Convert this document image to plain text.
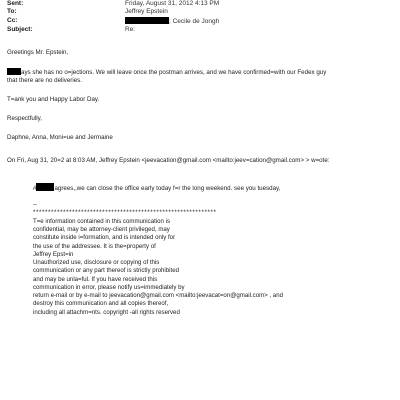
Sent:	Friday, August 31, 2012 4:13 PM
To:	Jeffrey Epstein
Cc:	; Cecile de Jongh
Subject:	Re:
Greetings Mr. Epstein,
ays she has no o=jections. We will leave once the postman arrives, and we have confirmed=with our Fedex guy
that there are no deliveries.
T=ank you and Happy Labor Day.
Respectfully,
Daphne, Anna, Moni=ue and Jermaine
On Fri, Aug 31, 20=2 at 8:03 AM, Jeffrey Epstein <jeevacation@gmail.com <mailto:jeev=cation@gmail.com> > w=ote:
#	agrees,,we can close the office early today f=r the long weekend. see you tuesday,
--
*************************************************************
T=e information contained in this communication is
confidential, may be attorney-client privileged, may
constitute inside i=formation, and is intended only for
the use of the addressee. It is the=property of
Jeffrey Epst=in
Unauthorized use, disclosure or copying of this
communication or any part thereof is strictly prohibited
and may be unla=ful. If you have received this
communication in error, please notify us=immediately by
return e-mail or by e-mail to jeevacation@gmail.com <mailto:jeevacat=on@gmail.com> , and
destroy this communication and all copies thereof,
including all attachm=nts. copyright -all rights reserved
